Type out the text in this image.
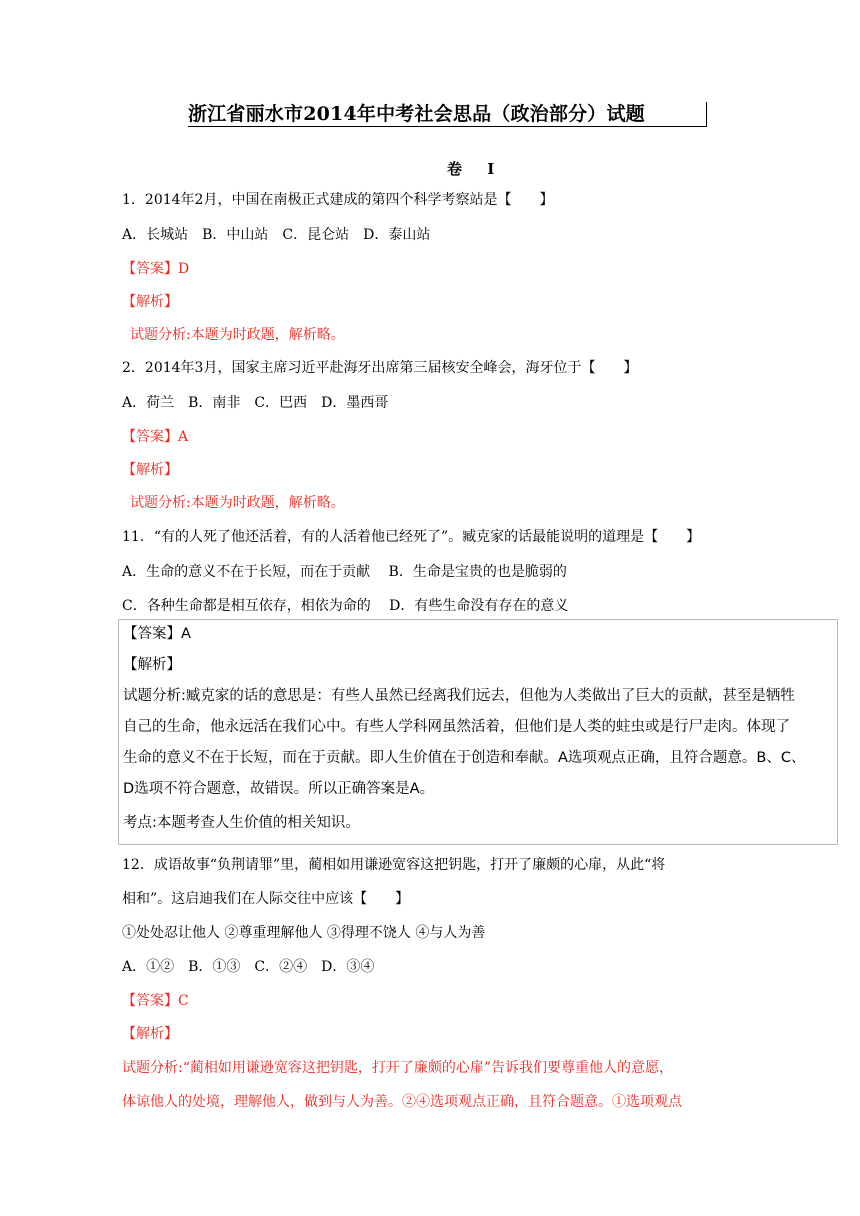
浙江省丽水市2014年中考社会思品（政治部分）试题
卷 I
1．2014年2月，中国在南极正式建成的第四个科学考察站是【　　】
A．长城站　B．中山站　C．昆仑站　D．泰山站
【答案】D
【解析】
试题分析:本题为时政题，解析略。
2．2014年3月，国家主席习近平赴海牙出席第三届核安全峰会，海牙位于【　　】
A．荷兰　B．南非　C．巴西　D．墨西哥
【答案】A
【解析】
试题分析:本题为时政题，解析略。
11．“有的人死了他还活着，有的人活着他已经死了”。臧克家的话最能说明的道理是【　　】
A．生命的意义不在于长短，而在于贡献　 B．生命是宝贵的也是脆弱的
C．各种生命都是相互依存，相依为命的　 D．有些生命没有存在的意义
【答案】A
【解析】
试题分析:臧克家的话的意思是：有些人虽然已经离我们远去，但他为人类做出了巨大的贡献，甚至是牺牲
自己的生命，他永远活在我们心中。有些人学科网虽然活着，但他们是人类的蛀虫或是行尸走肉。体现了
生命的意义不在于长短，而在于贡献。即人生价值在于创造和奉献。A选项观点正确，且符合题意。B、C、
D选项不符合题意，故错误。所以正确答案是A。
考点:本题考查人生价值的相关知识。
12．成语故事“负荆请罪”里，蔺相如用谦逊宽容这把钥匙，打开了廉颇的心扉，从此“将
相和”。这启迪我们在人际交往中应该【　　】
①处处忍让他人 ②尊重理解他人 ③得理不饶人 ④与人为善
A．①②　B．①③　C．②④　D．③④
【答案】C
【解析】
试题分析:“蔺相如用谦逊宽容这把钥匙，打开了廉颇的心扉”告诉我们要尊重他人的意愿，
体谅他人的处境，理解他人，做到与人为善。②④选项观点正确，且符合题意。①选项观点
